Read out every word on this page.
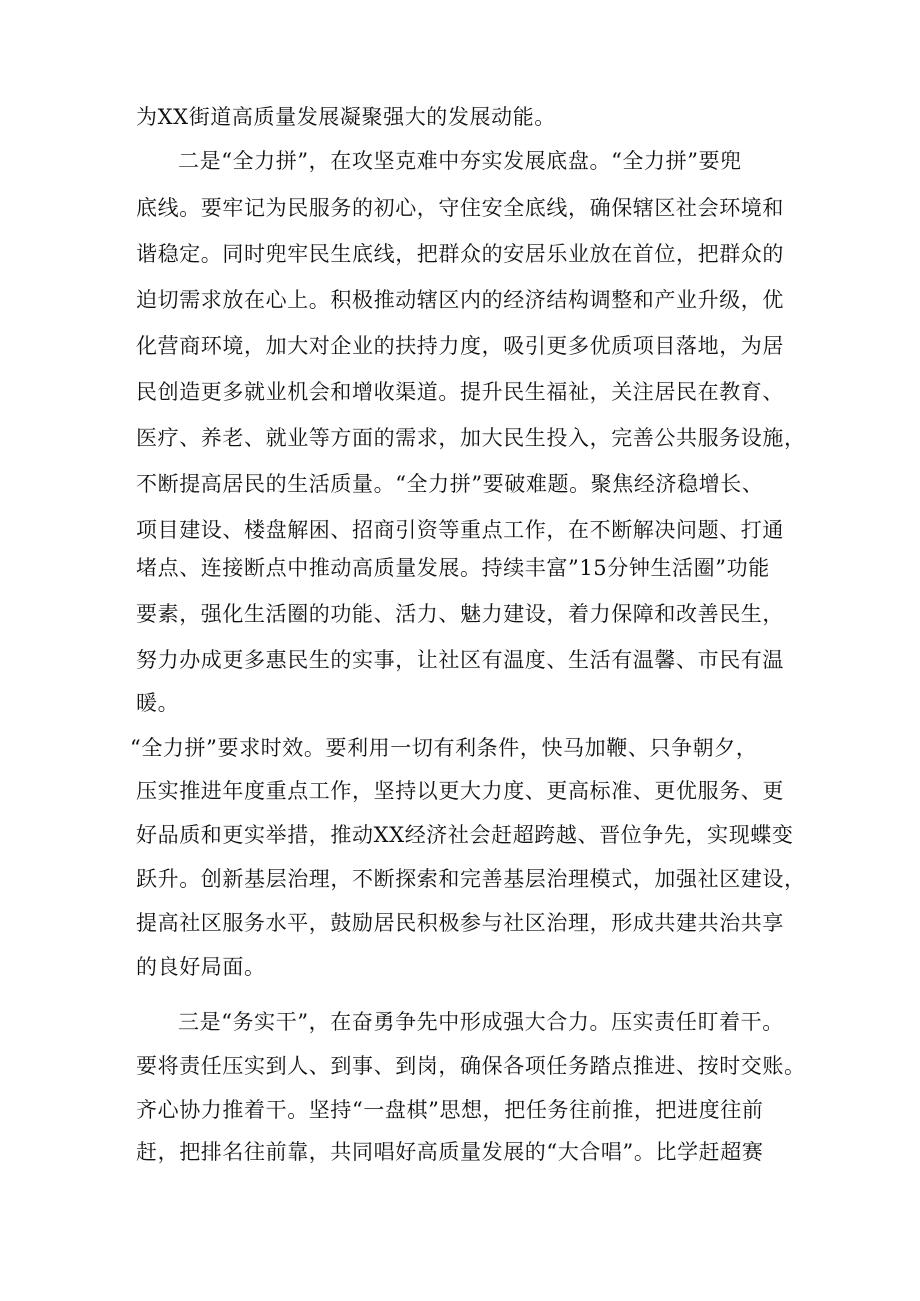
为XX街道高质量发展凝聚强大的发展动能。

二是“全力拼”，在攻坚克难中夯实发展底盘。“全力拼”要兜

底线。要牢记为民服务的初心，守住安全底线，确保辖区社会环境和

谐稳定。同时兜牢民生底线，把群众的安居乐业放在首位，把群众的

迫切需求放在心上。积极推动辖区内的经济结构调整和产业升级，优

化营商环境，加大对企业的扶持力度，吸引更多优质项目落地，为居

民创造更多就业机会和增收渠道。提升民生福祉，关注居民在教育、

医疗、养老、就业等方面的需求，加大民生投入，完善公共服务设施，

不断提高居民的生活质量。“全力拼”要破难题。聚焦经济稳增长、

项目建设、楼盘解困、招商引资等重点工作，在不断解决问题、打通

堵点、连接断点中推动高质量发展。持续丰富”15分钟生活圈”功能

要素，强化生活圈的功能、活力、魅力建设，着力保障和改善民生，

努力办成更多惠民生的实事，让社区有温度、生活有温馨、市民有温

暖。

“全力拼”要求时效。要利用一切有利条件，快马加鞭、只争朝夕，

压实推进年度重点工作，坚持以更大力度、更高标准、更优服务、更

好品质和更实举措，推动XX经济社会赶超跨越、晋位争先，实现蝶变

跃升。创新基层治理，不断探索和完善基层治理模式，加强社区建设，

提高社区服务水平，鼓励居民积极参与社区治理，形成共建共治共享

的良好局面。

三是“务实干”，在奋勇争先中形成强大合力。压实责任盯着干。

要将责任压实到人、到事、到岗，确保各项任务踏点推进、按时交账。

齐心协力推着干。坚持“一盘棋”思想，把任务往前推，把进度往前

赶，把排名往前靠，共同唱好高质量发展的“大合唱”。比学赶超赛
